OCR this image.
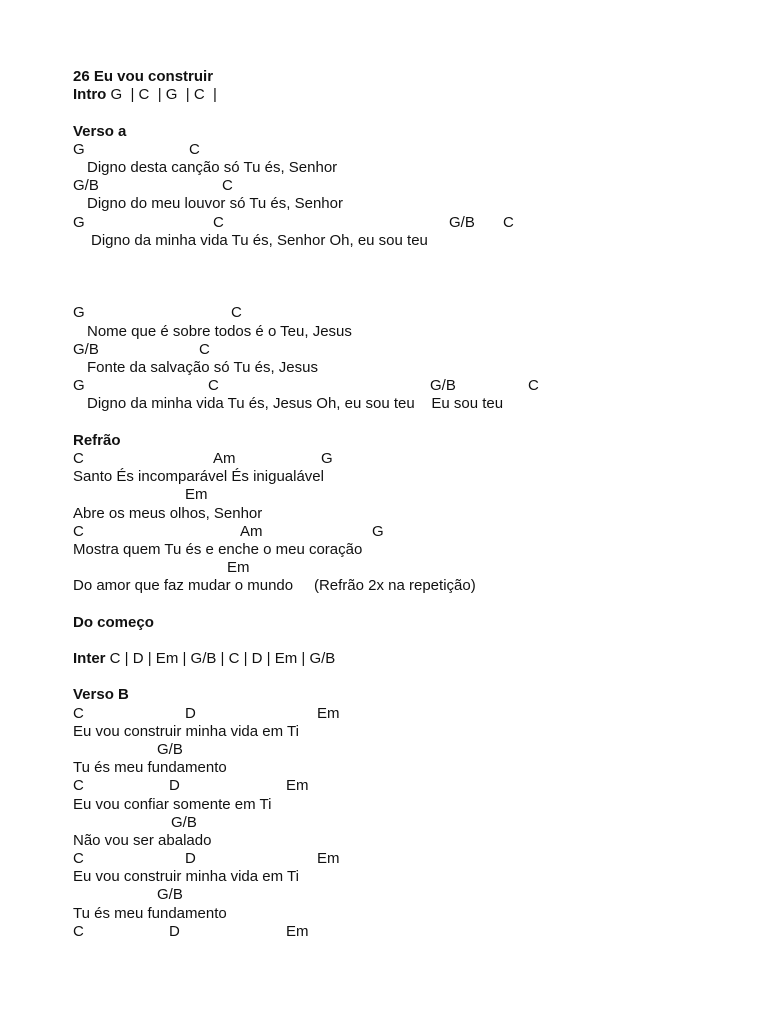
26 Eu vou construir
Intro G  | C  | G  | C  |
Verso a
G	C
Digno desta canção só Tu és, Senhor
G/B	C
Digno do meu louvor só Tu és, Senhor
G	C	G/B C
Digno da minha vida Tu és, Senhor Oh, eu sou teu
G	C
Nome que é sobre todos é o Teu, Jesus
G/B	C
Fonte da salvação só Tu és, Jesus
G	C	G/B	C
Digno da minha vida Tu és, Jesus Oh, eu sou teu    Eu sou teu
Refrão
C	Am	G
Santo És incomparável És inigualável
Em
Abre os meus olhos, Senhor
C	Am	G
Mostra quem Tu és e enche o meu coração
Em
Do amor que faz mudar o mundo     (Refrão 2x na repetição)
Do começo
Inter C | D | Em | G/B | C | D | Em | G/B
Verso B
C	D	Em
Eu vou construir minha vida em Ti
G/B
Tu és meu fundamento
C	D	Em
Eu vou confiar somente em Ti
G/B
Não vou ser abalado
C	D	Em
Eu vou construir minha vida em Ti
G/B
Tu és meu fundamento
C	D	Em
